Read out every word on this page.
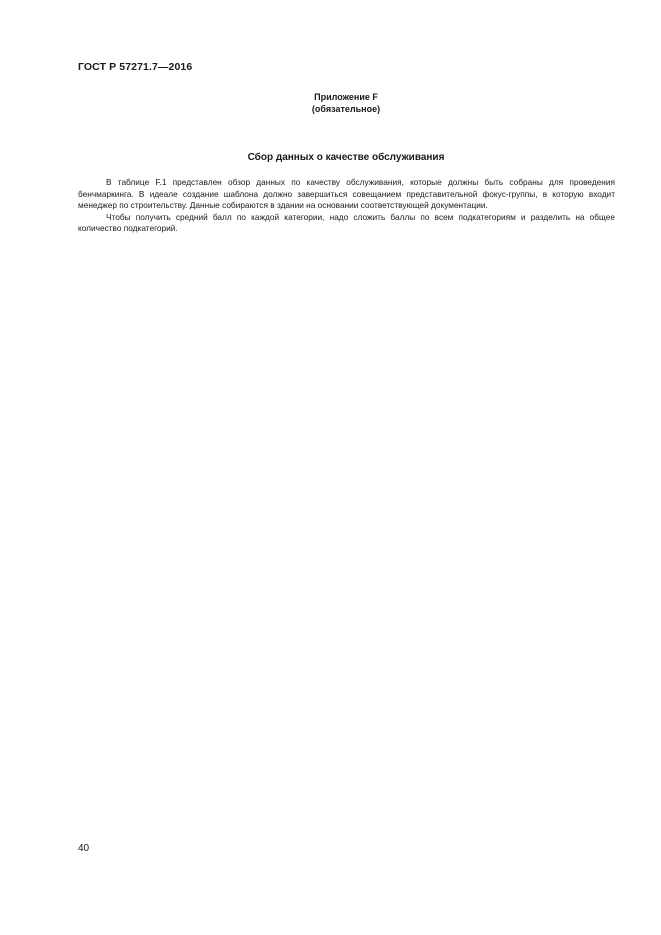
ГОСТ Р 57271.7—2016
Приложение F
(обязательное)
Сбор данных о качестве обслуживания

В таблице F.1 представлен обзор данных по качеству обслуживания, которые должны быть собраны для проведения бенчмаркинга. В идеале создание шаблона должно завершиться совещанием представительной фокус-группы, в которую входит менеджер по строительству. Данные собираются в здании на основании соответствующей документации.

Чтобы получить средний балл по каждой категории, надо сложить баллы по всем подкатегориям и разделить на общее количество подкатегорий.

40
